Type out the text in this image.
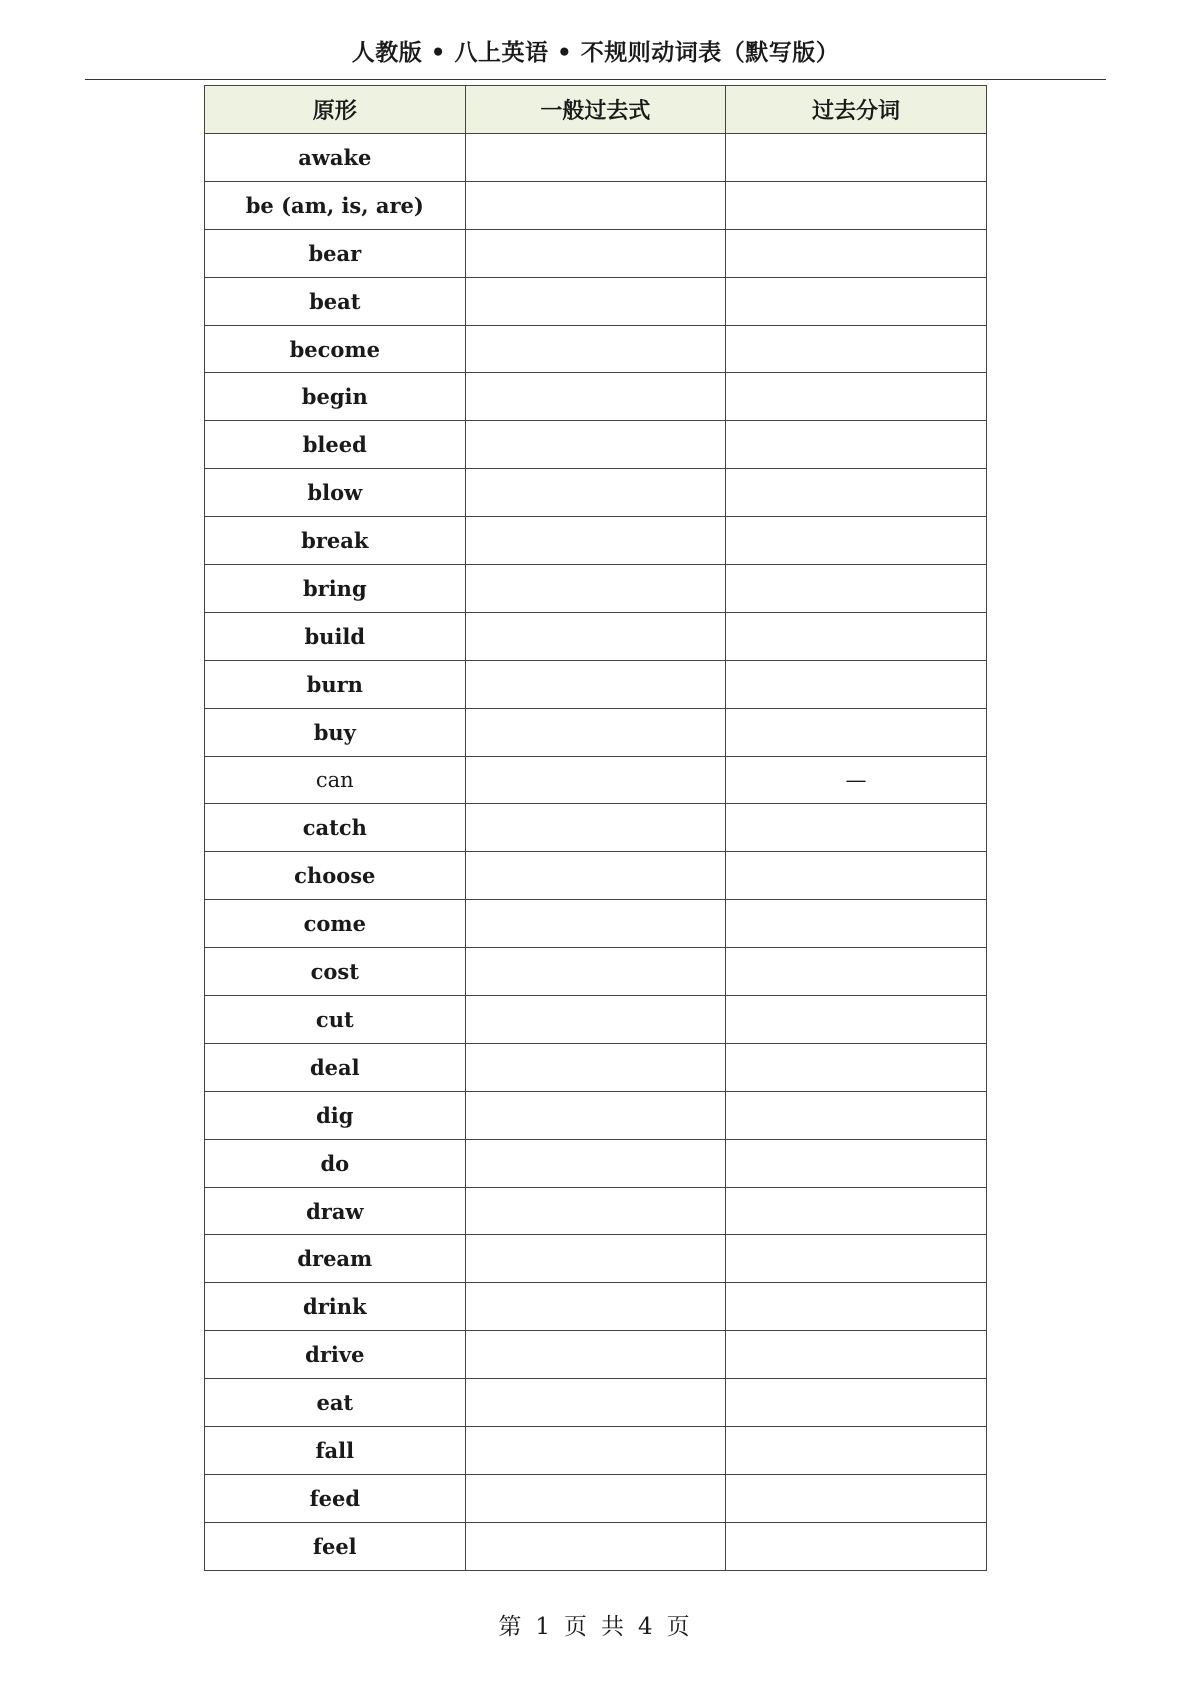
人教版 • 八上英语 • 不规则动词表（默写版）
原形	一般过去式	过去分词
awake		
be (am, is, are)		
bear		
beat		
become		
begin		
bleed		
blow		
break		
bring		
build		
burn		
buy		
can		—
catch		
choose		
come		
cost		
cut		
deal		
dig		
do		
draw		
dream		
drink		
drive		
eat		
fall		
feed		
feel		
第 1 页 共 4 页
